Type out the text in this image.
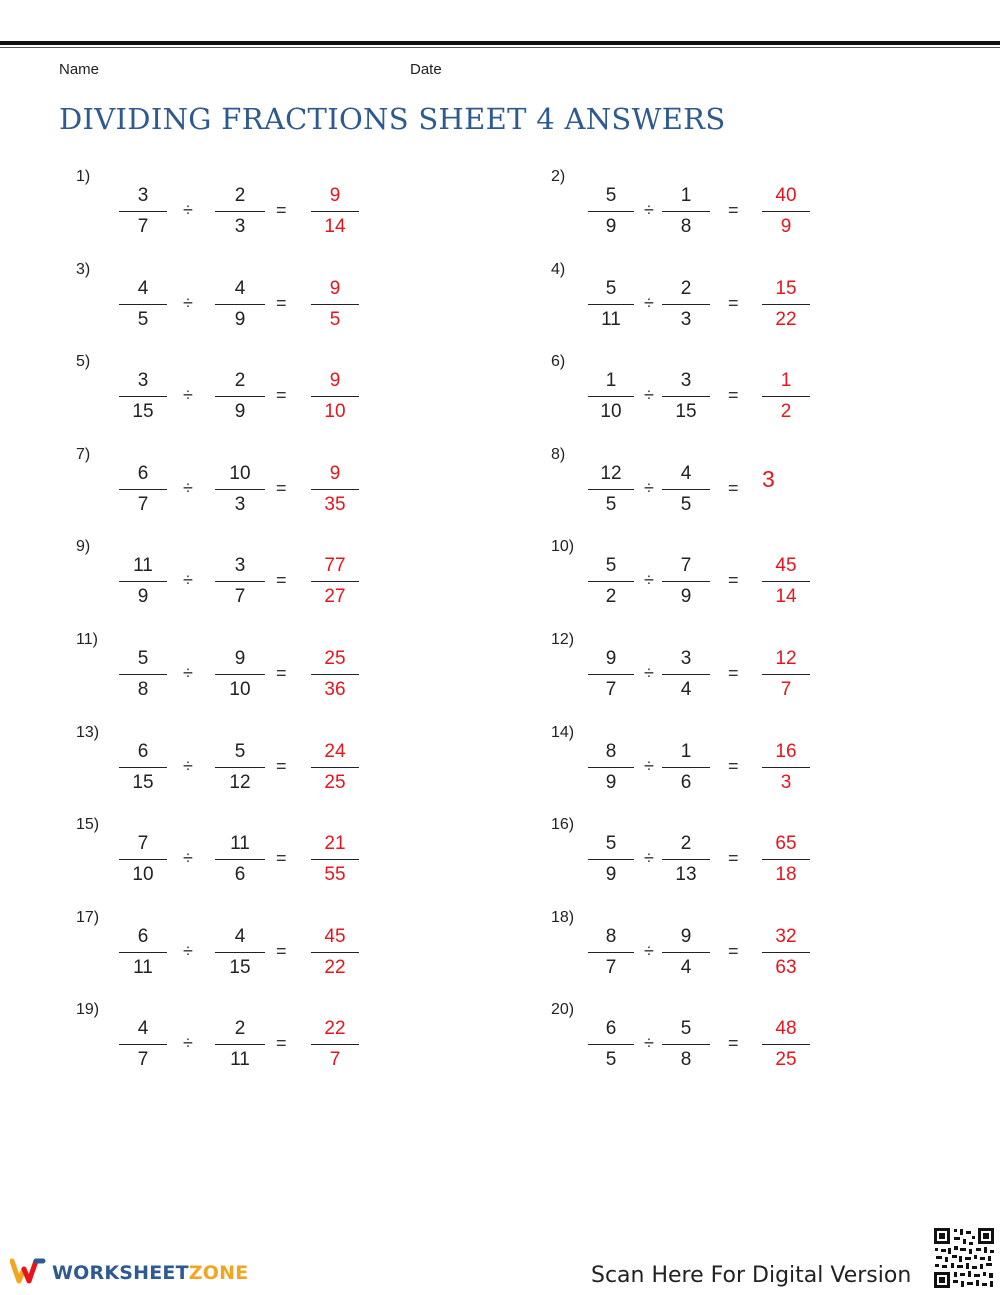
Name	Date
DIVIDING FRACTIONS SHEET 4 ANSWERS
1)
3
7
÷
2
3
=
9
14
2)
5
9
÷
1
8
=
40
9
3)
4
5
÷
4
9
=
9
5
4)
5
11
÷
2
3
=
15
22
5)
3
15
÷
2
9
=
9
10
6)
1
10
÷
3
15
=
1
2
7)
6
7
÷
10
3
=
9
35
8)
12
5
÷
4
5
= 3
9)
11
9
÷
3
7
=
77
27
10)
5
2
÷
7
9
=
45
14
11)
5
8
÷
9
10
=
25
36
12)
9
7
÷
3
4
=
12
7
13)
6
15
÷
5
12
=
24
25
14)
8
9
÷
1
6
=
16
3
15)
7
10
÷
11
6
=
21
55
16)
5
9
÷
2
13
=
65
18
17)
6
11
÷
4
15
=
45
22
18)
8
7
÷
9
4
=
32
63
19)
4
7
÷
2
11
=
22
7
20)
6
5
÷
5
8
=
48
25
WORKSHEETZONE	Scan Here For Digital Version
